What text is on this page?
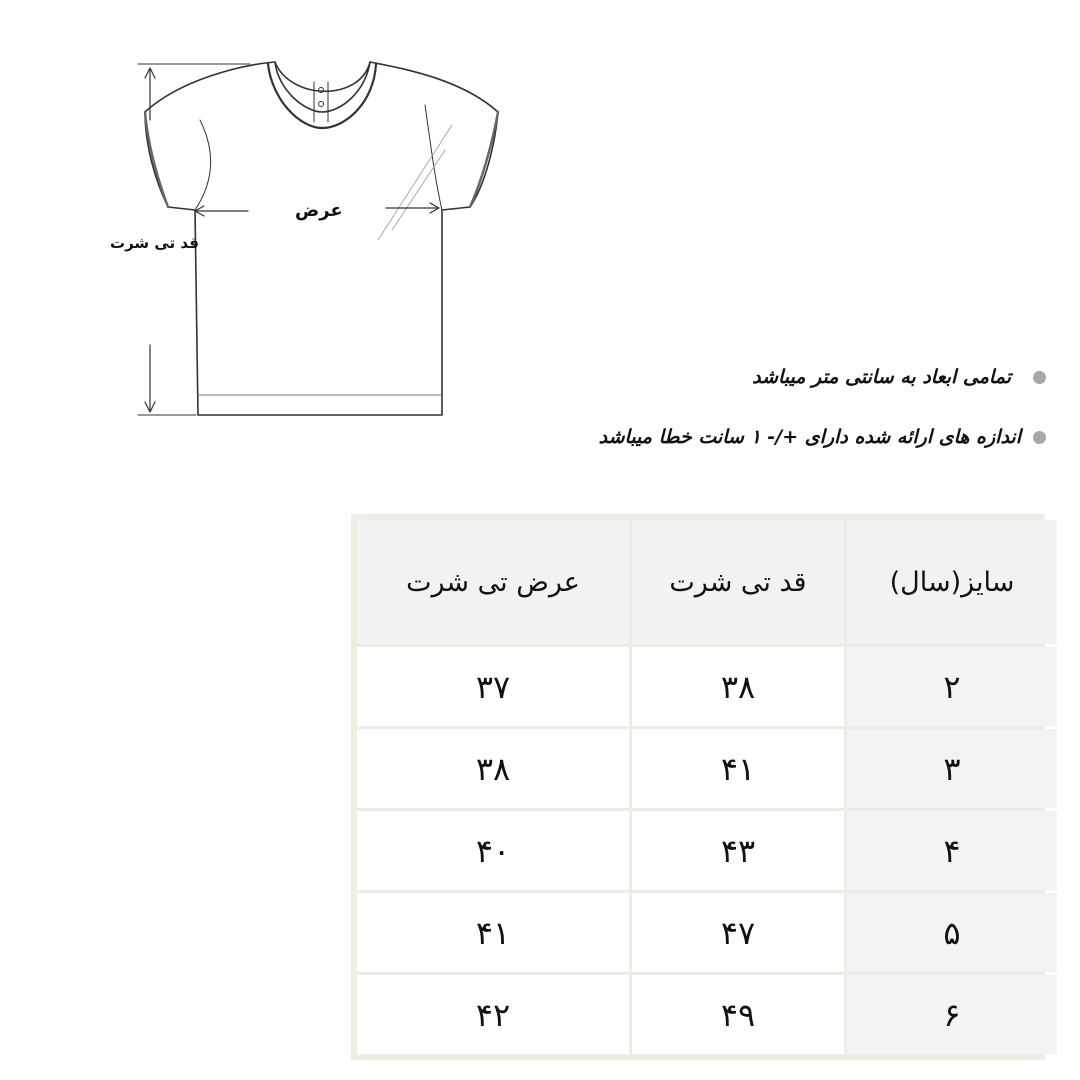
عرض
قد تی شرت
تمامی ابعاد به سانتی متر میباشد
اندازه های ارائه شده دارای +/- ۱ سانت خطا میباشد
سایز(سال)	قد تی شرت	عرض تی شرت
۲	۳۸	۳۷
۳	۴۱	۳۸
۴	۴۳	۴۰
۵	۴۷	۴۱
۶	۴۹	۴۲
